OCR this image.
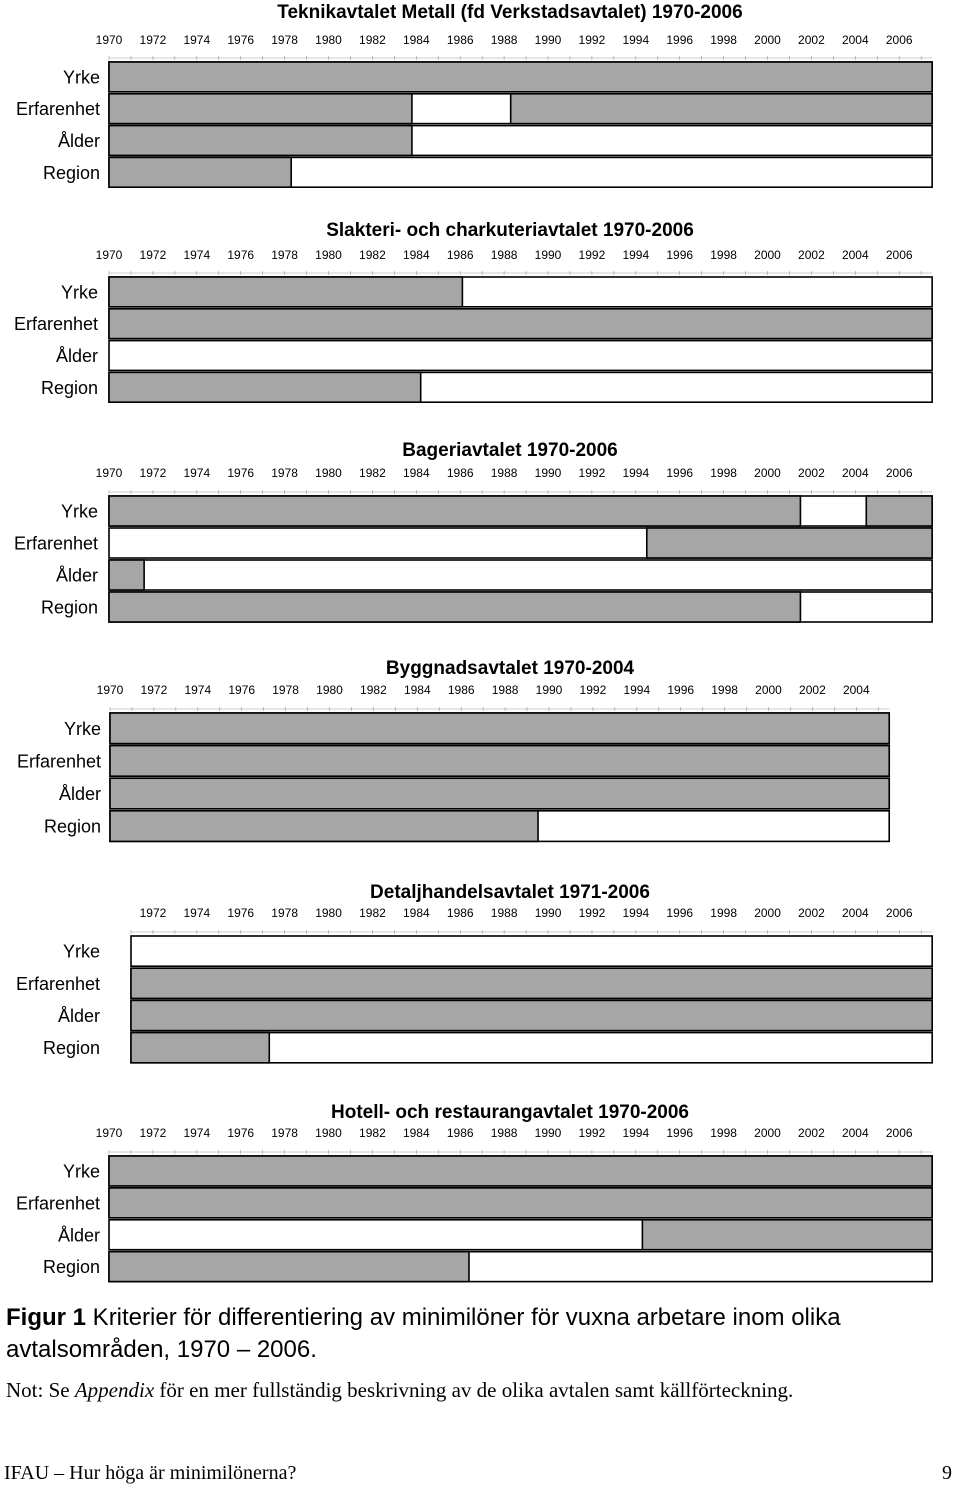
Teknikavtalet Metall (fd Verkstadsavtalet) 1970-2006
1970 1972 1974 1976 1978 1980 1982 1984 1986 1988 1990 1992 1994 1996 1998 2000 2002 2004 2006
Yrke
Erfarenhet
Ålder
Region
Slakteri- och charkuteriavtalet 1970-2006
1970 1972 1974 1976 1978 1980 1982 1984 1986 1988 1990 1992 1994 1996 1998 2000 2002 2004 2006
Yrke
Erfarenhet
Ålder
Region
Bageriavtalet 1970-2006
1970 1972 1974 1976 1978 1980 1982 1984 1986 1988 1990 1992 1994 1996 1998 2000 2002 2004 2006
Yrke
Erfarenhet
Ålder
Region
Byggnadsavtalet 1970-2004
1970 1972 1974 1976 1978 1980 1982 1984 1986 1988 1990 1992 1994 1996 1998 2000 2002 2004
Yrke
Erfarenhet
Ålder
Region
Detaljhandelsavtalet 1971-2006
1972 1974 1976 1978 1980 1982 1984 1986 1988 1990 1992 1994 1996 1998 2000 2002 2004 2006
Yrke
Erfarenhet
Ålder
Region
Hotell- och restaurangavtalet 1970-2006
1970 1972 1974 1976 1978 1980 1982 1984 1986 1988 1990 1992 1994 1996 1998 2000 2002 2004 2006
Yrke
Erfarenhet
Ålder
Region
Figur 1 Kriterier för differentiering av minimilöner för vuxna arbetare inom olika avtalsområden, 1970 – 2006.
Not: Se Appendix för en mer fullständig beskrivning av de olika avtalen samt källförteckning.
IFAU – Hur höga är minimilönerna?	9
